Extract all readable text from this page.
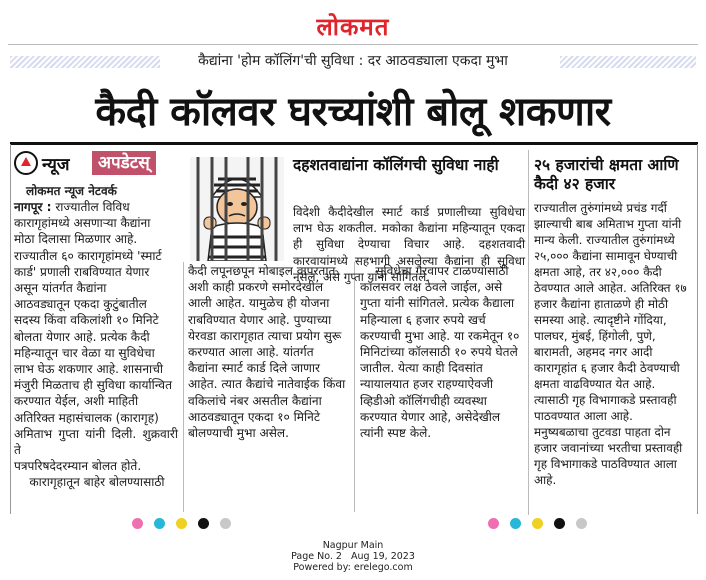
लोकमत
कैद्यांना 'होम कॉलिंग'ची सुविधा : दर आठवड्याला एकदा मुभा
कैदी कॉलवर घरच्यांशी बोलू शकणार
न्यूज	अपडेटस्
लोकमत न्यूज नेटवर्क
नागपूर : राज्यातील विविध
कारागृहांमध्ये असणाऱ्या कैद्यांना
मोठा दिलासा मिळणार आहे.
राज्यातील ६० कारागृहांमध्ये 'स्मार्ट
कार्ड' प्रणाली राबविण्यात येणार
असून यांतर्गत कैद्यांना
आठवड्यातून एकदा कुटुंबातील
सदस्य किंवा वकिलांशी १० मिनिटे
बोलता येणार आहे. प्रत्येक कैदी
महिन्यातून चार वेळा या सुविधेचा
लाभ घेऊ शकणार आहे. शासनाची
मंजुरी मिळताच ही सुविधा कार्यान्वित
करण्यात येईल, अशी माहिती
अतिरिक्त महासंचालक (कारागृह)
अमिताभ गुप्ता यांनी दिली. शुक्रवारी ते
पत्रपरिषदेदरम्यान बोलत होते.
कारागृहातून बाहेर बोलण्यासाठी
दहशतवाद्यांना कॉलिंगची सुविधा नाही
विदेशी कैदीदेखील स्मार्ट कार्ड प्रणालीच्या सुविधेचा लाभ घेऊ शकतील. मकोका कैद्यांना महिन्यातून एकदा ही सुविधा देण्याचा विचार आहे. दहशतवादी कारवायांमध्ये सहभागी असलेल्या कैद्यांना ही सुविधा नसेल, असे गुप्ता यांनी सांगितले.
कैदी लपूनछपून मोबाइल वापरतात.
अशी काही प्रकरणे समोरदेखील
आली आहेत. यामुळेच ही योजना
राबविण्यात येणार आहे. पुण्याच्या
येरवडा कारागृहात त्याचा प्रयोग सुरू
करण्यात आला आहे. यांतर्गत
कैद्यांना स्मार्ट कार्ड दिले जाणार
आहेत. त्यात कैद्यांचे नातेवाईक किंवा
वकिलांचे नंबर असतील कैद्यांना
आठवड्यातून एकदा १० मिनिटे
बोलण्याची मुभा असेल.
सुविधेचा गैरवापर टाळण्यासाठी
कॉलसवर लक्ष ठेवले जाईल, असे
गुप्ता यांनी सांगितले. प्रत्येक कैद्याला
महिन्याला ६ हजार रुपये खर्च
करण्याची मुभा आहे. या रकमेतून १०
मिनिटांच्या कॉलसाठी १० रुपये घेतले
जातील. येत्या काही दिवसांत
न्यायालयात हजर राहण्याऐवजी
व्हिडीओ कॉलिंगचीही व्यवस्था
करण्यात येणार आहे, असेदेखील
त्यांनी स्पष्ट केले.
२५ हजारांची क्षमता आणि कैदी ४२ हजार
राज्यातील तुरुंगांमध्ये प्रचंड गर्दी
झाल्याची बाब अमिताभ गुप्ता यांनी
मान्य केली. राज्यातील तुरुंगांमध्ये
२५,००० कैद्यांना सामावून घेण्याची
क्षमता आहे, तर ४२,००० कैदी
ठेवण्यात आले आहेत. अतिरिक्त १७
हजार कैद्यांना हाताळणे ही मोठी
समस्या आहे. त्यादृष्टीने गोंदिया,
पालघर, मुंबई, हिंगोली, पुणे,
बारामती, अहमद नगर आदी
कारागृहांत ६ हजार कैदी ठेवण्याची
क्षमता वाढविण्यात येत आहे.
त्यासाठी गृह विभागाकडे प्रस्तावही
पाठवण्यात आला आहे.
मनुष्यबळाचा तुटवडा पाहता दोन
हजार जवानांच्या भरतीचा प्रस्तावही
गृह विभागाकडे पाठविण्यात आला
आहे.
Nagpur Main
Page No. 2   Aug 19, 2023
Powered by: erelego.com
